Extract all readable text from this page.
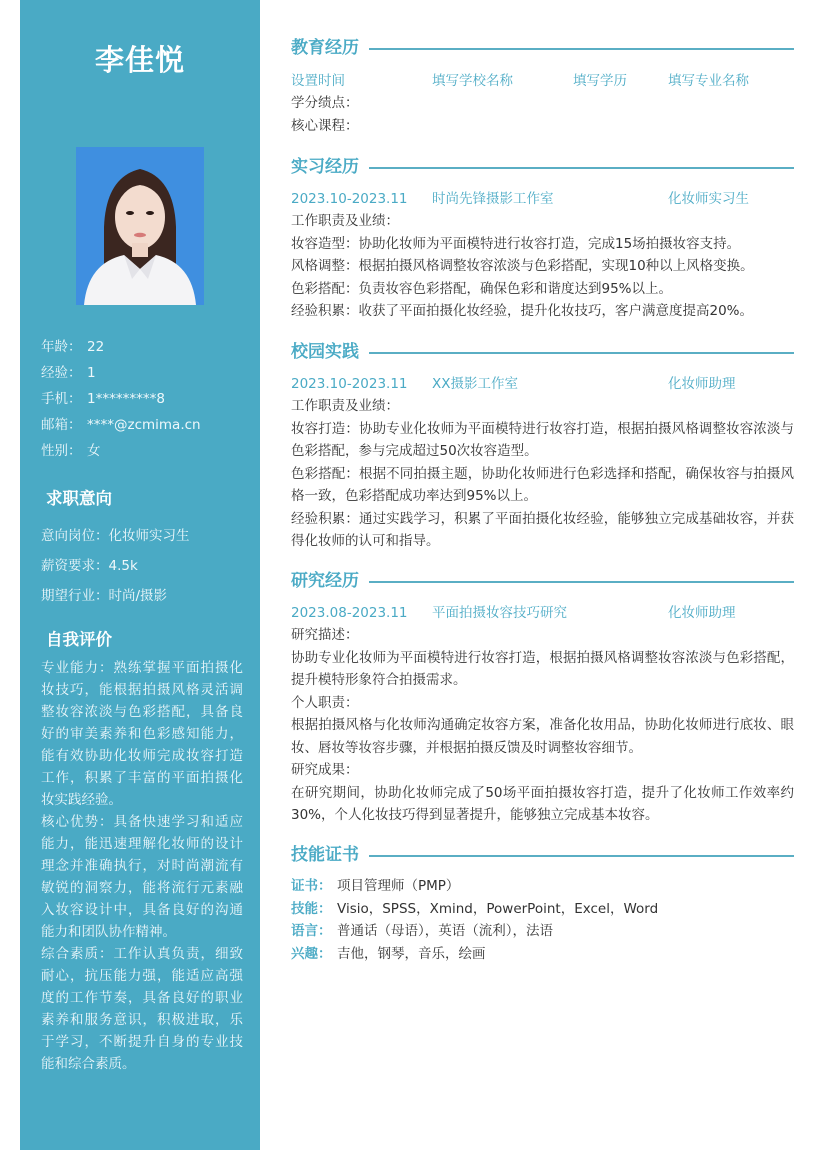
李佳悦
年龄： 22
经验： 1
手机： 1*********8
邮箱： ****@zcmima.cn
性别： 女
求职意向
意向岗位：化妆师实习生
薪资要求：4.5k
期望行业：时尚/摄影
自我评价

专业能力：熟练掌握平面拍摄化妆技巧，能根据拍摄风格灵活调整妆容浓淡与色彩搭配，具备良好的审美素养和色彩感知能力，能有效协助化妆师完成妆容打造工作，积累了丰富的平面拍摄化妆实践经验。

核心优势：具备快速学习和适应能力，能迅速理解化妆师的设计理念并准确执行，对时尚潮流有敏锐的洞察力，能将流行元素融入妆容设计中，具备良好的沟通能力和团队协作精神。

综合素质：工作认真负责，细致耐心，抗压能力强，能适应高强度的工作节奏，具备良好的职业素养和服务意识，积极进取，乐于学习，不断提升自身的专业技能和综合素质。

教育经历
设置时间	填写学校名称	填写学历	填写专业名称
学分绩点：
核心课程：
实习经历
2023.10-2023.11 时尚先锋摄影工作室	化妆师实习生
工作职责及业绩：
妆容造型：协助化妆师为平面模特进行妆容打造，完成15场拍摄妆容支持。
风格调整：根据拍摄风格调整妆容浓淡与色彩搭配，实现10种以上风格变换。
色彩搭配：负责妆容色彩搭配，确保色彩和谐度达到95%以上。
经验积累：收获了平面拍摄化妆经验，提升化妆技巧，客户满意度提高20%。
校园实践
2023.10-2023.11 XX摄影工作室	化妆师助理
工作职责及业绩：
妆容打造：协助专业化妆师为平面模特进行妆容打造，根据拍摄风格调整妆容浓淡与色彩搭配，参与完成超过50次妆容造型。
色彩搭配：根据不同拍摄主题，协助化妆师进行色彩选择和搭配，确保妆容与拍摄风格一致，色彩搭配成功率达到95%以上。
经验积累：通过实践学习，积累了平面拍摄化妆经验，能够独立完成基础妆容，并获得化妆师的认可和指导。
研究经历
2023.08-2023.11 平面拍摄妆容技巧研究	化妆师助理
研究描述：
协助专业化妆师为平面模特进行妆容打造，根据拍摄风格调整妆容浓淡与色彩搭配，提升模特形象符合拍摄需求。
个人职责：
根据拍摄风格与化妆师沟通确定妆容方案，准备化妆用品，协助化妆师进行底妆、眼妆、唇妆等妆容步骤，并根据拍摄反馈及时调整妆容细节。
研究成果：
在研究期间，协助化妆师完成了50场平面拍摄妆容打造，提升了化妆师工作效率约30%，个人化妆技巧得到显著提升，能够独立完成基本妆容。
技能证书
证书： 项目管理师（PMP）
技能： Visio，SPSS，Xmind，PowerPoint，Excel，Word
语言： 普通话（母语），英语（流利），法语
兴趣： 吉他，钢琴，音乐，绘画
